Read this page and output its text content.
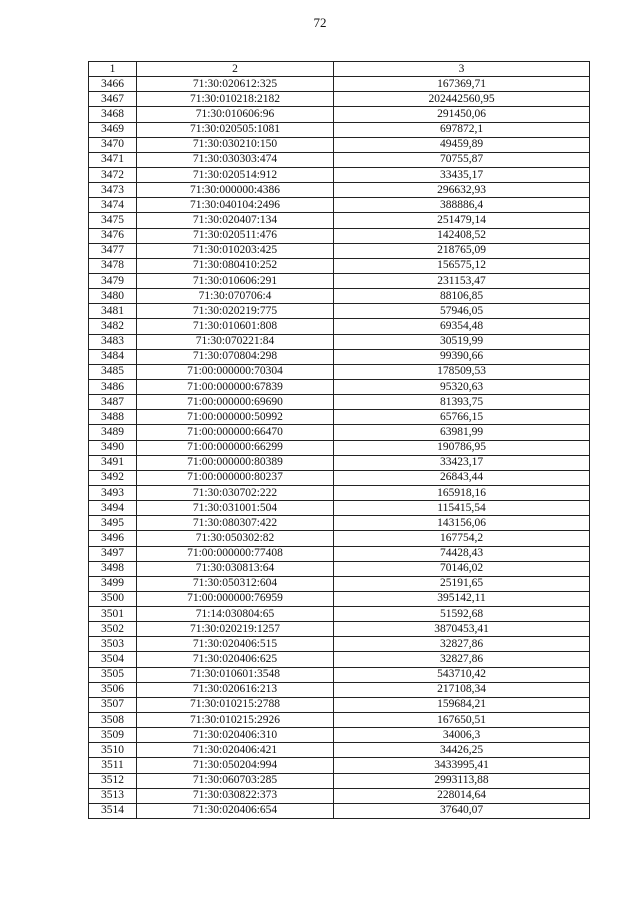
72
1	2	3
3466	71:30:020612:325	167369,71
3467	71:30:010218:2182	202442560,95
3468	71:30:010606:96	291450,06
3469	71:30:020505:1081	697872,1
3470	71:30:030210:150	49459,89
3471	71:30:030303:474	70755,87
3472	71:30:020514:912	33435,17
3473	71:30:000000:4386	296632,93
3474	71:30:040104:2496	388886,4
3475	71:30:020407:134	251479,14
3476	71:30:020511:476	142408,52
3477	71:30:010203:425	218765,09
3478	71:30:080410:252	156575,12
3479	71:30:010606:291	231153,47
3480	71:30:070706:4	88106,85
3481	71:30:020219:775	57946,05
3482	71:30:010601:808	69354,48
3483	71:30:070221:84	30519,99
3484	71:30:070804:298	99390,66
3485	71:00:000000:70304	178509,53
3486	71:00:000000:67839	95320,63
3487	71:00:000000:69690	81393,75
3488	71:00:000000:50992	65766,15
3489	71:00:000000:66470	63981,99
3490	71:00:000000:66299	190786,95
3491	71:00:000000:80389	33423,17
3492	71:00:000000:80237	26843,44
3493	71:30:030702:222	165918,16
3494	71:30:031001:504	115415,54
3495	71:30:080307:422	143156,06
3496	71:30:050302:82	167754,2
3497	71:00:000000:77408	74428,43
3498	71:30:030813:64	70146,02
3499	71:30:050312:604	25191,65
3500	71:00:000000:76959	395142,11
3501	71:14:030804:65	51592,68
3502	71:30:020219:1257	3870453,41
3503	71:30:020406:515	32827,86
3504	71:30:020406:625	32827,86
3505	71:30:010601:3548	543710,42
3506	71:30:020616:213	217108,34
3507	71:30:010215:2788	159684,21
3508	71:30:010215:2926	167650,51
3509	71:30:020406:310	34006,3
3510	71:30:020406:421	34426,25
3511	71:30:050204:994	3433995,41
3512	71:30:060703:285	2993113,88
3513	71:30:030822:373	228014,64
3514	71:30:020406:654	37640,07
